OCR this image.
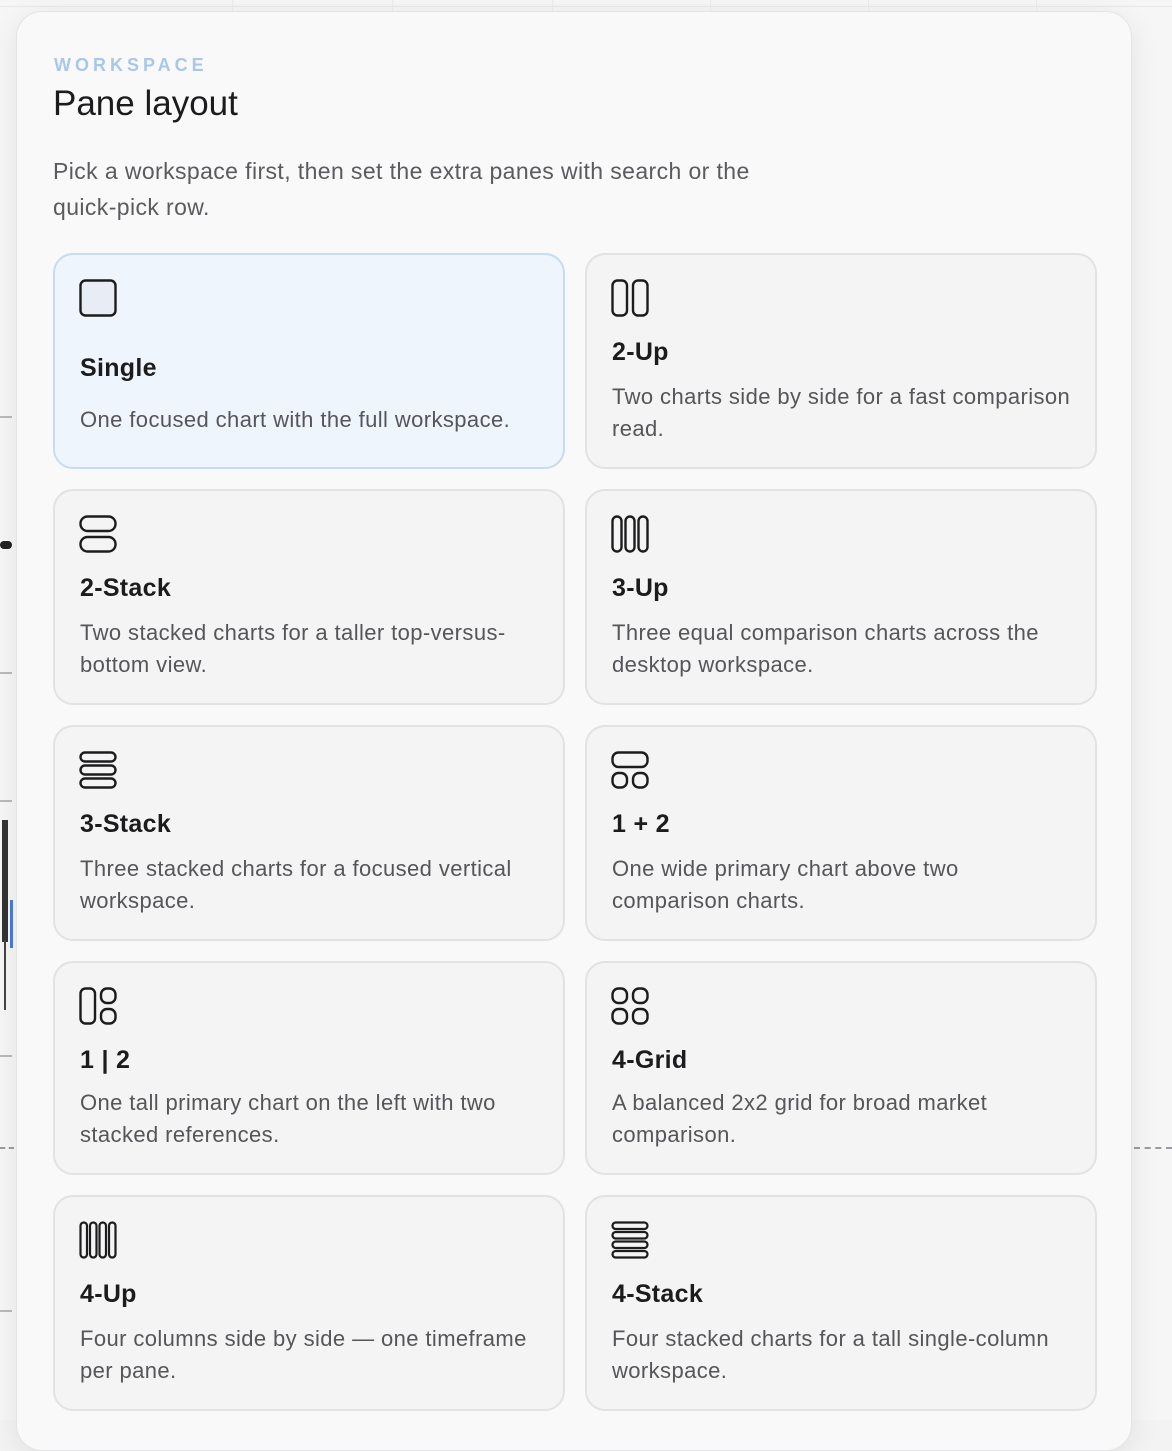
WORKSPACE
Pane layout
Pick a workspace first, then set the extra panes with search or the quick-pick row.
Single
One focused chart with the full workspace.
2-Up
Two charts side by side for a fast comparison read.
2-Stack
Two stacked charts for a taller top-versus-bottom view.
3-Up
Three equal comparison charts across the desktop workspace.
3-Stack
Three stacked charts for a focused vertical workspace.
1 + 2
One wide primary chart above two comparison charts.
1 | 2
One tall primary chart on the left with two stacked references.
4-Grid
A balanced 2x2 grid for broad market comparison.
4-Up
Four columns side by side — one timeframe per pane.
4-Stack
Four stacked charts for a tall single-column workspace.
